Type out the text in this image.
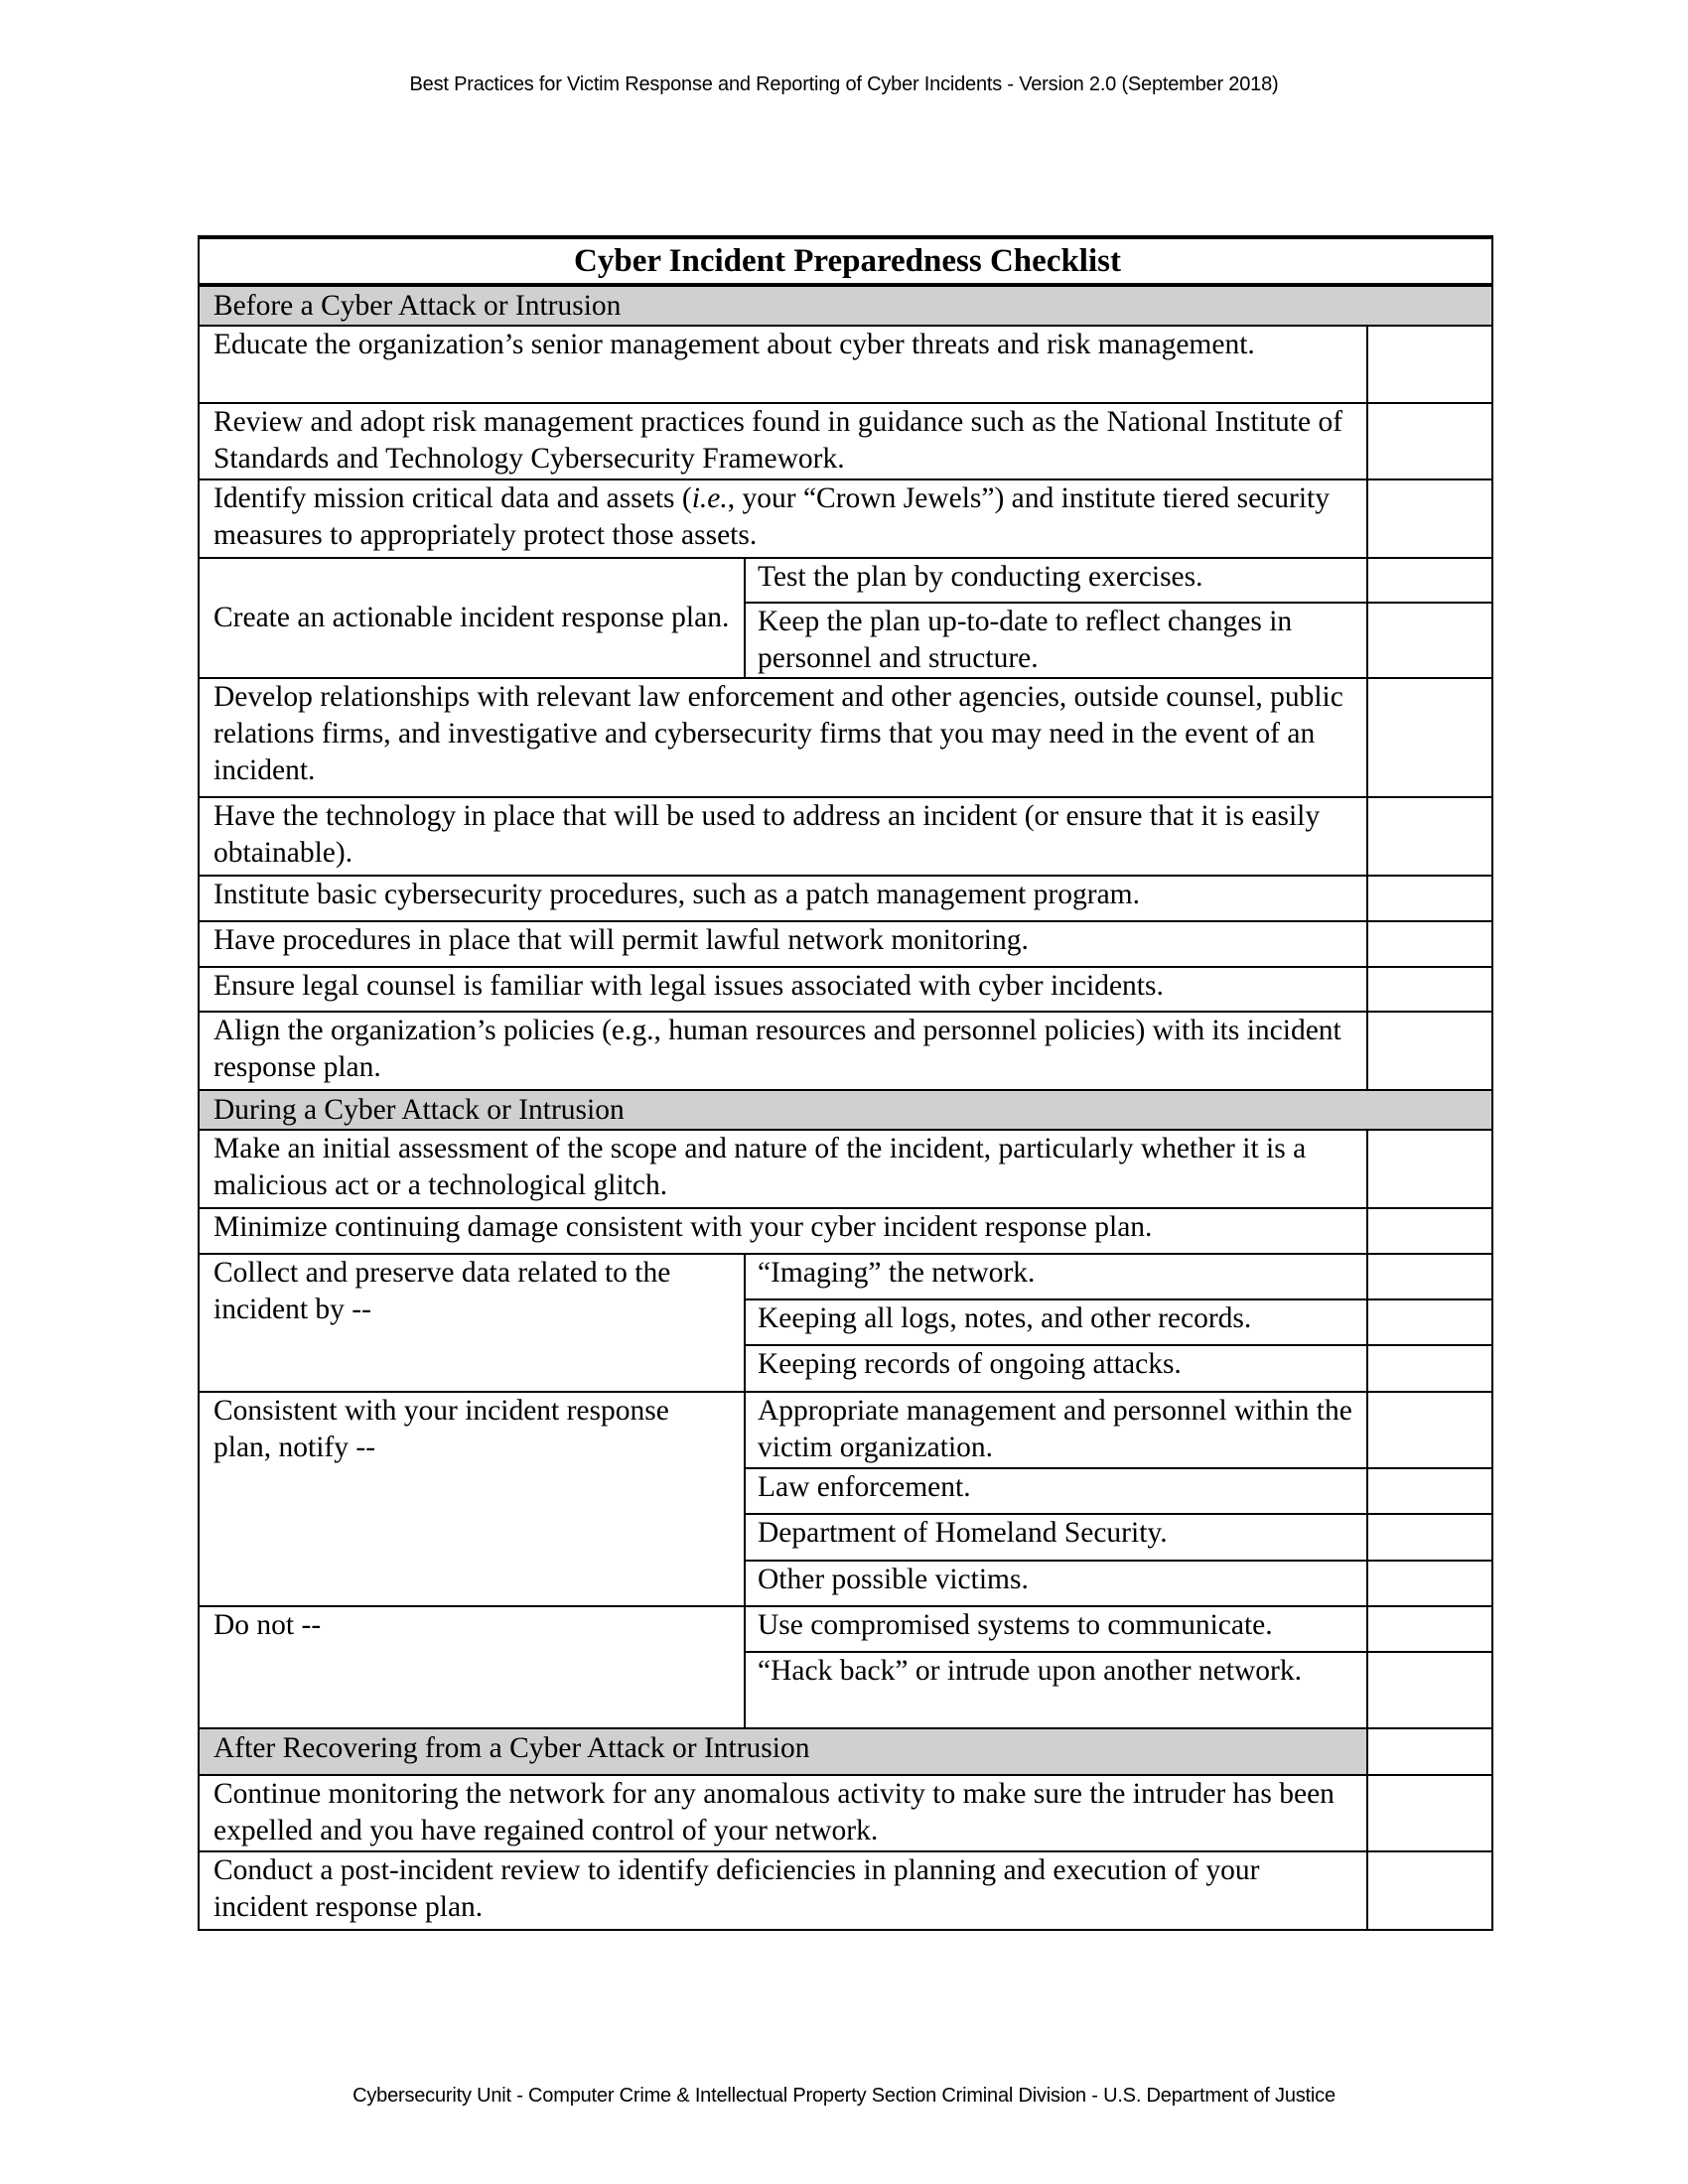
Best Practices for Victim Response and Reporting of Cyber Incidents - Version 2.0 (September 2018)
Cyber Incident Preparedness Checklist		
Before a Cyber Attack or Intrusion		
Educate the organization’s senior management about cyber threats and risk management.		
Review and adopt risk management practices found in guidance such as the National Institute of Standards and Technology Cybersecurity Framework.		
Identify mission critical data and assets (i.e., your “Crown Jewels”) and institute tiered security measures to appropriately protect those assets.		
Create an actionable incident response plan.	Test the plan by conducting exercises.	
	Keep the plan up-to-date to reflect changes in personnel and structure.	
Develop relationships with relevant law enforcement and other agencies, outside counsel, public relations firms, and investigative and cybersecurity firms that you may need in the event of an incident.		
Have the technology in place that will be used to address an incident (or ensure that it is easily obtainable).		
Institute basic cybersecurity procedures, such as a patch management program.		
Have procedures in place that will permit lawful network monitoring.		
Ensure legal counsel is familiar with legal issues associated with cyber incidents.		
Align the organization’s policies (e.g., human resources and personnel policies) with its incident response plan.		
During a Cyber Attack or Intrusion		
Make an initial assessment of the scope and nature of the incident, particularly whether it is a malicious act or a technological glitch.		
Minimize continuing damage consistent with your cyber incident response plan.		
Collect and preserve data related to the incident by --	“Imaging” the network.	
	Keeping all logs, notes, and other records.	
	Keeping records of ongoing attacks.	
Consistent with your incident response plan, notify --	Appropriate management and personnel within the victim organization.	
	Law enforcement.	
	Department of Homeland Security.	
	Other possible victims.	
Do not --	Use compromised systems to communicate.	
	“Hack back” or intrude upon another network.	
After Recovering from a Cyber Attack or Intrusion		
Continue monitoring the network for any anomalous activity to make sure the intruder has been expelled and you have regained control of your network.		
Conduct a post-incident review to identify deficiencies in planning and execution of your incident response plan.		
Cybersecurity Unit - Computer Crime & Intellectual Property Section Criminal Division - U.S. Department of Justice
